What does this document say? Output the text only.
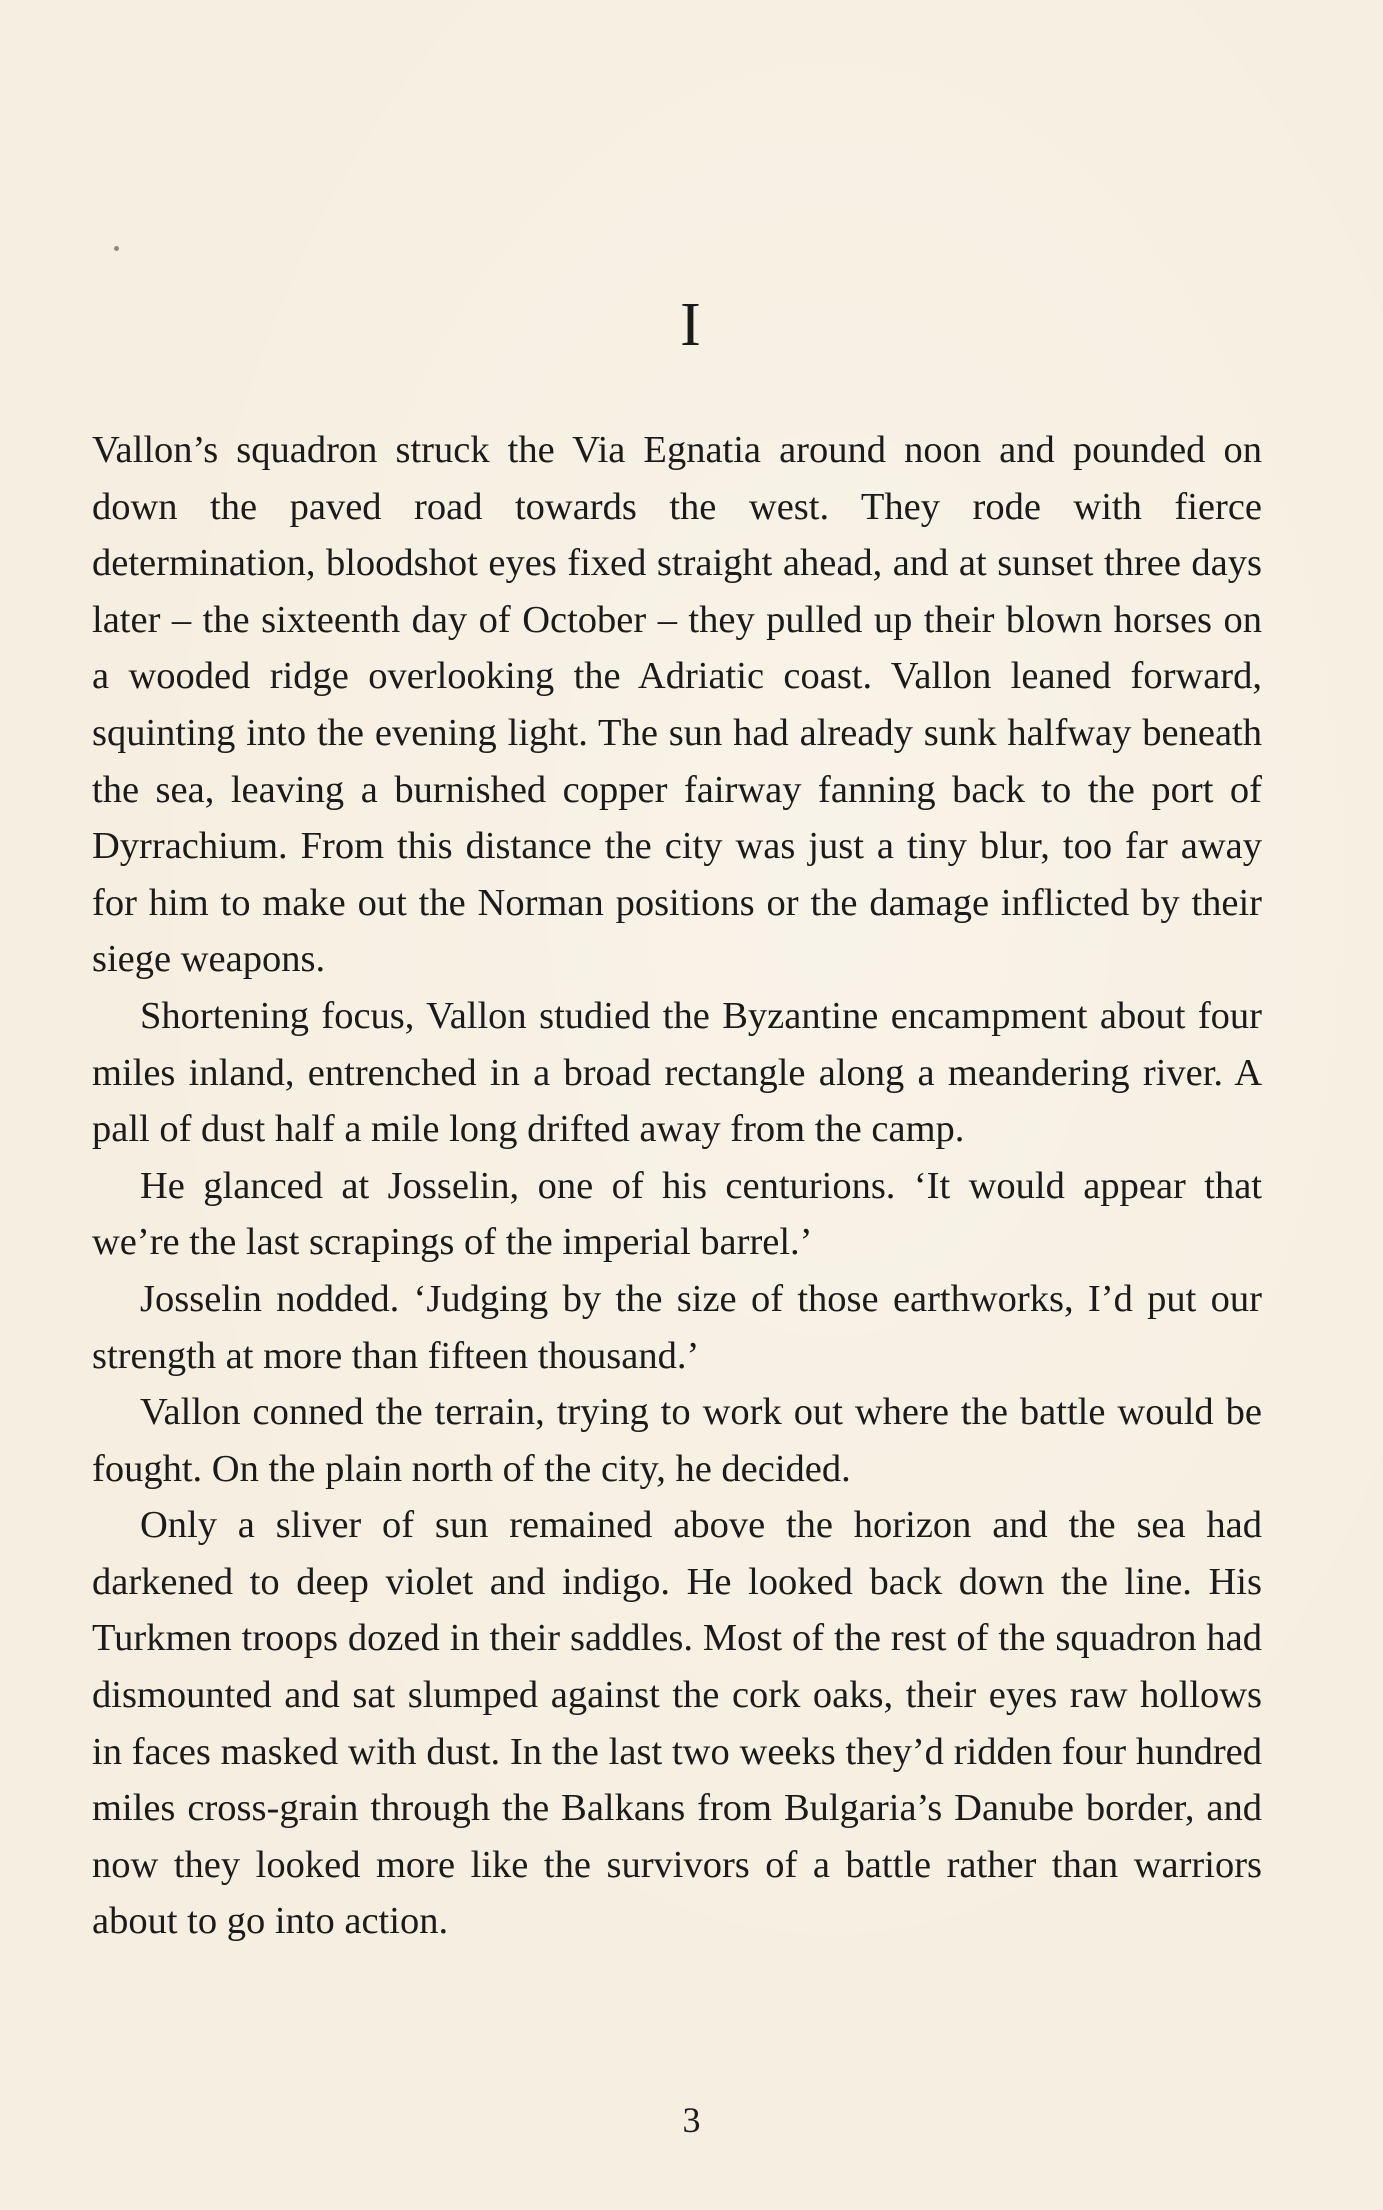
I

Vallon’s squadron struck the Via Egnatia around noon and pounded on down the paved road towards the west. They rode with fierce determination, bloodshot eyes fixed straight ahead, and at sunset three days later – the sixteenth day of October – they pulled up their blown horses on a wooded ridge overlooking the Adriatic coast. Vallon leaned forward, squinting into the evening light. The sun had already sunk halfway beneath the sea, leaving a burnished copper fairway fanning back to the port of Dyrrachium. From this distance the city was just a tiny blur, too far away for him to make out the Norman positions or the damage inflicted by their siege weapons.

Shortening focus, Vallon studied the Byzantine encampment about four miles inland, entrenched in a broad rectangle along a meandering river. A pall of dust half a mile long drifted away from the camp.

He glanced at Josselin, one of his centurions. ‘It would appear that we’re the last scrapings of the imperial barrel.’

Josselin nodded. ‘Judging by the size of those earthworks, I’d put our strength at more than fifteen thousand.’

Vallon conned the terrain, trying to work out where the battle would be fought. On the plain north of the city, he decided.

Only a sliver of sun remained above the horizon and the sea had darkened to deep violet and indigo. He looked back down the line. His Turkmen troops dozed in their saddles. Most of the rest of the squadron had dismounted and sat slumped against the cork oaks, their eyes raw hollows in faces masked with dust. In the last two weeks they’d ridden four hundred miles cross-grain through the Balkans from Bulgaria’s Danube border, and now they looked more like the survivors of a battle rather than warriors about to go into action.

3
